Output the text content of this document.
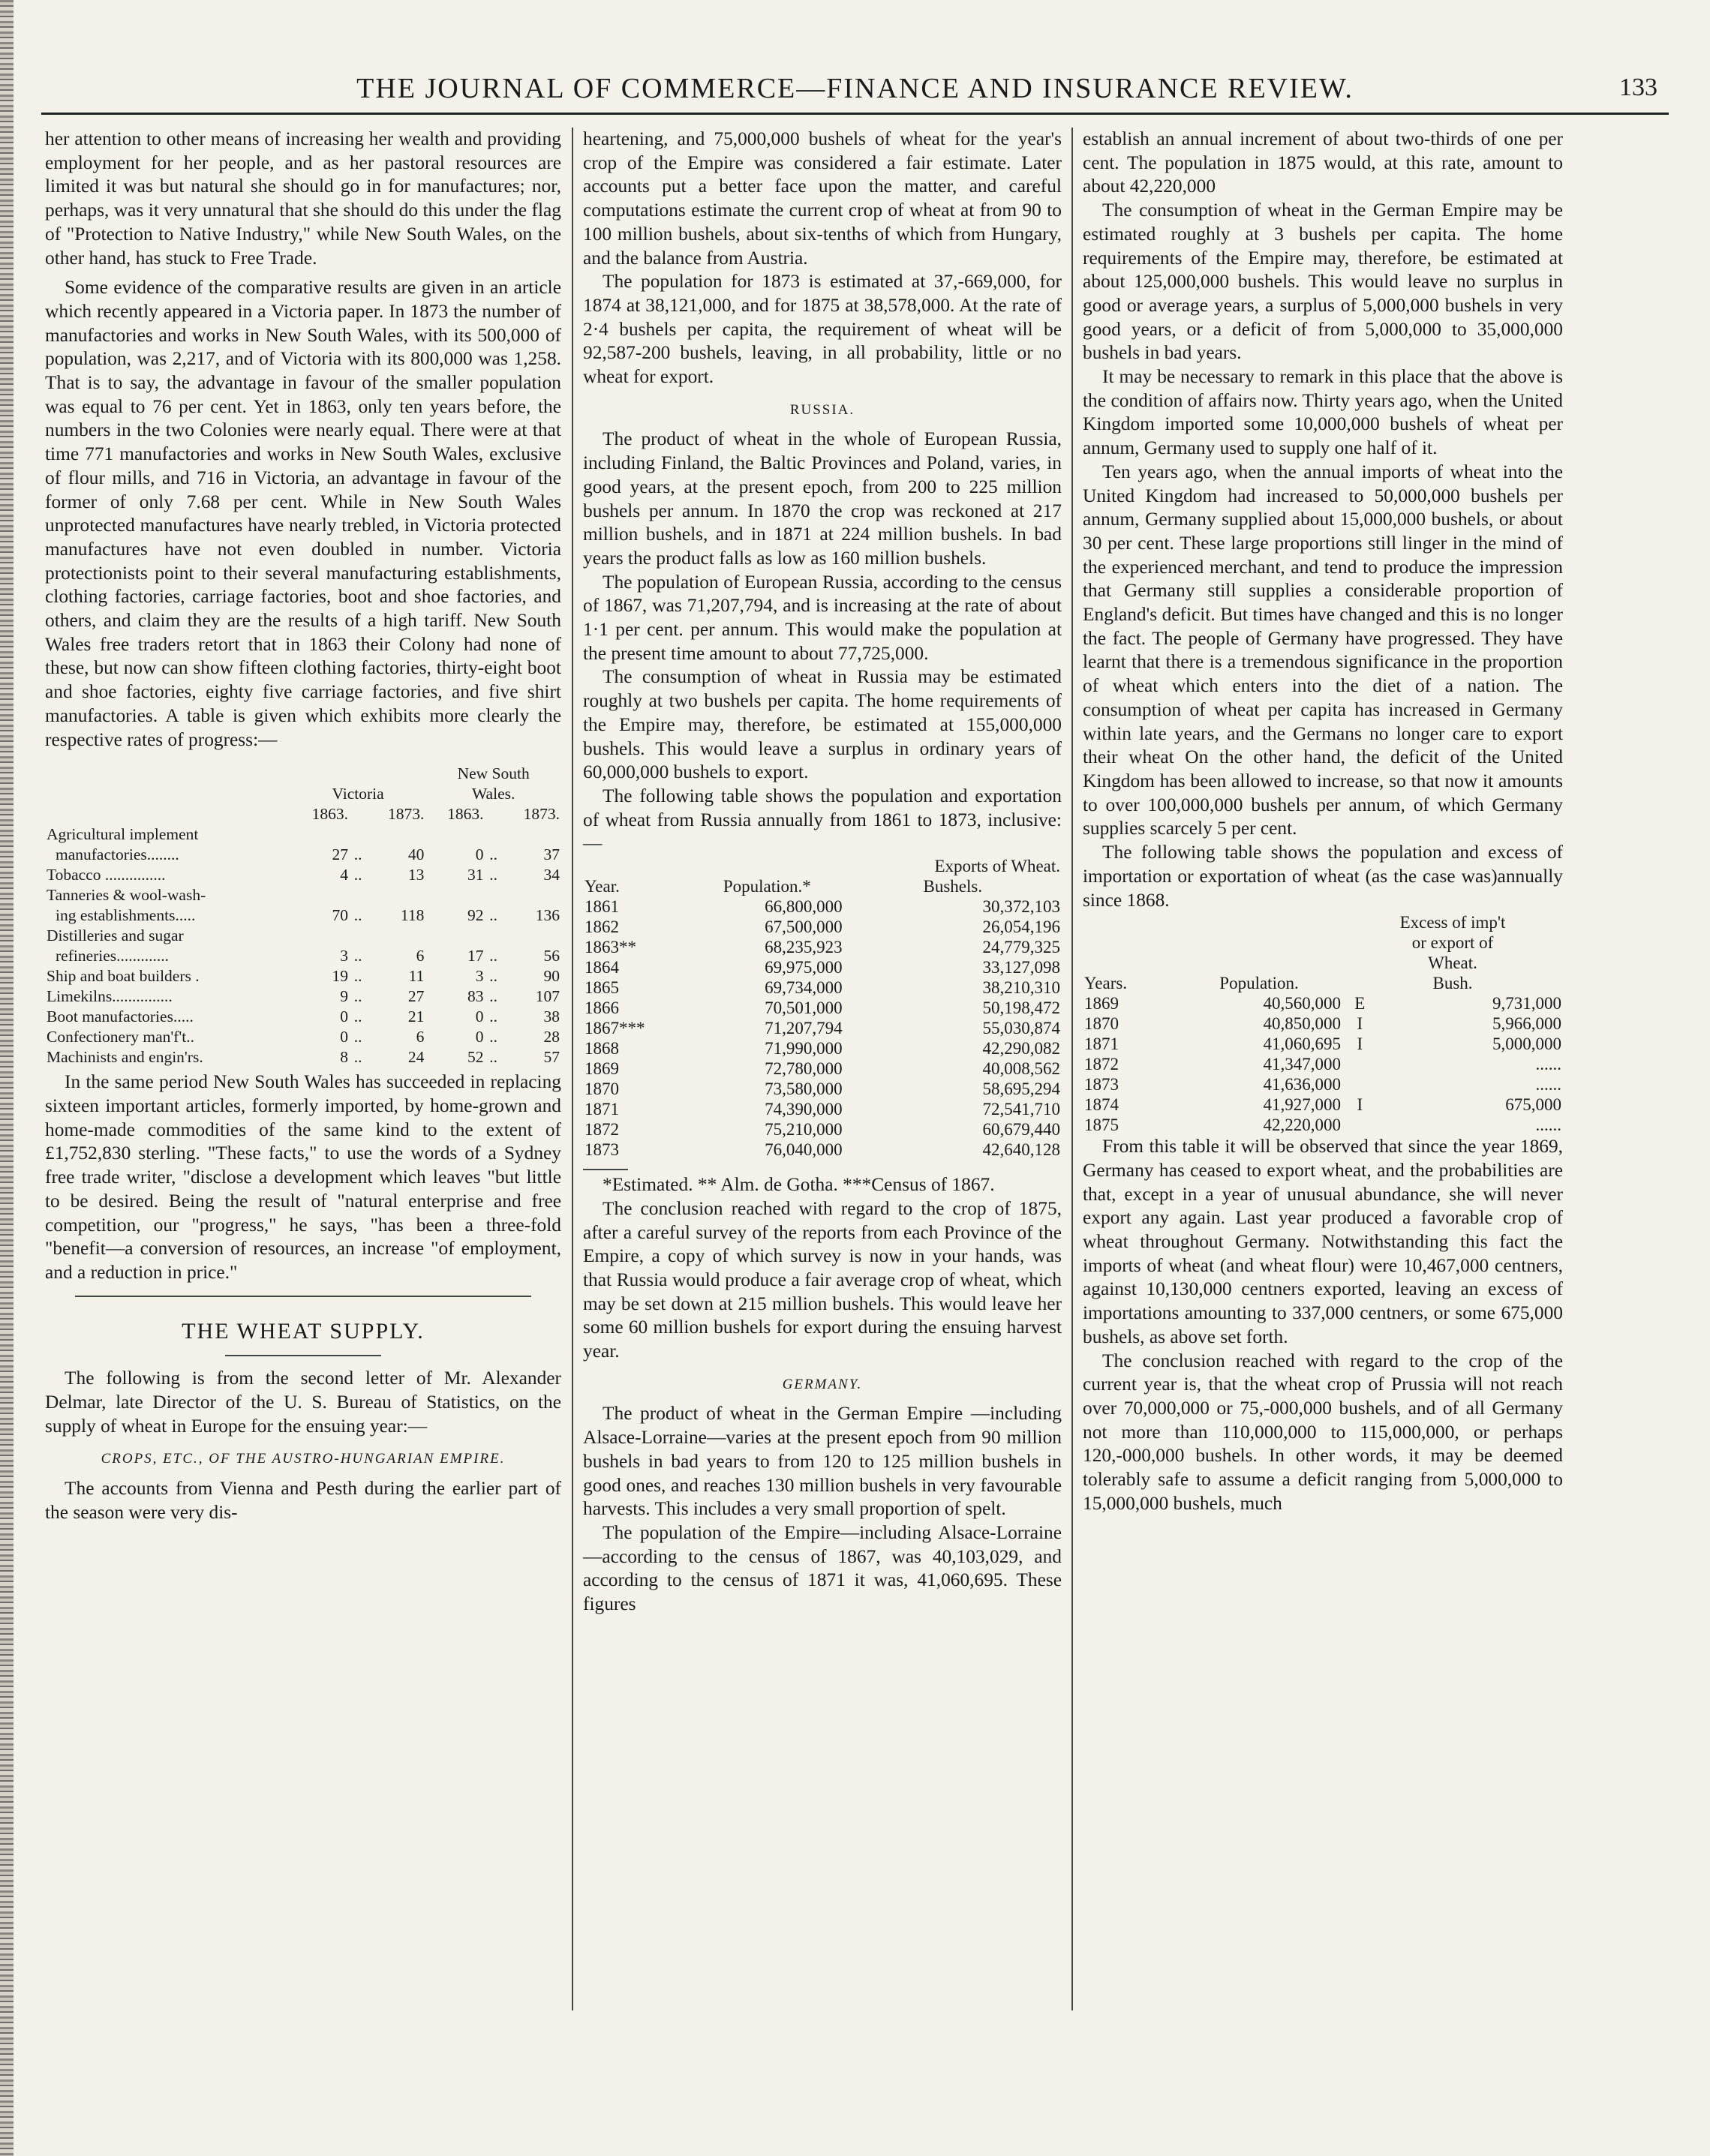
THE JOURNAL OF COMMERCE—FINANCE AND INSURANCE REVIEW.	133

her attention to other means of increasing her wealth and providing employment for her people, and as her pastoral resources are limited it was but natural she should go in for manufactures; nor, perhaps, was it very unnatural that she should do this under the flag of "Protection to Native Industry," while New South Wales, on the other hand, has stuck to Free Trade.

Some evidence of the comparative results are given in an article which recently appeared in a Victoria paper. In 1873 the number of manufactories and works in New South Wales, with its 500,000 of population, was 2,217, and of Victoria with its 800,000 was 1,258. That is to say, the advantage in favour of the smaller population was equal to 76 per cent. Yet in 1863, only ten years before, the numbers in the two Colonies were nearly equal. There were at that time 771 manufactories and works in New South Wales, exclusive of flour mills, and 716 in Victoria, an advantage in favour of the former of only 7.68 per cent. While in New South Wales unprotected manufactures have nearly trebled, in Victoria protected manufactures have not even doubled in number. Victoria protectionists point to their several manufacturing establishments, clothing factories, carriage factories, boot and shoe factories, and others, and claim they are the results of a high tariff. New South Wales free traders retort that in 1863 their Colony had none of these, but now can show fifteen clothing factories, thirty-eight boot and shoe factories, eighty five carriage factories, and five shirt manufactories. A table is given which exhibits more clearly the respective rates of progress:—

				New South		
	Victoria			Wales.		
	1863.		1873.	1863.		1873.
Agricultural implement						
manufactories........	27	..	40	0	..	37
Tobacco ...............	4	..	13	31	..	34
Tanneries & wool-wash-						
ing establishments.....	70	..	118	92	..	136
Distilleries and sugar						
refineries.............	3	..	6	17	..	56
Ship and boat builders .	19	..	11	3	..	90
Limekilns...............	9	..	27	83	..	107
Boot manufactories.....	0	..	21	0	..	38
Confectionery man'f't..	0	..	6	0	..	28
Machinists and engin'rs.	8	..	24	52	..	57

In the same period New South Wales has succeeded in replacing sixteen important articles, formerly imported, by home-grown and home-made commodities of the same kind to the extent of £1,752,830 sterling. "These facts," to use the words of a Sydney free trade writer, "disclose a development which leaves "but little to be desired. Being the result of "natural enterprise and free competition, our "progress," he says, "has been a three-fold "benefit—a conversion of resources, an increase "of employment, and a reduction in price."

THE WHEAT SUPPLY.

The following is from the second letter of Mr. Alexander Delmar, late Director of the U. S. Bureau of Statistics, on the supply of wheat in Europe for the ensuing year:—

CROPS, ETC., OF THE AUSTRO-HUNGARIAN EMPIRE.

The accounts from Vienna and Pesth during the earlier part of the season were very dis-

heartening, and 75,000,000 bushels of wheat for the year's crop of the Empire was considered a fair estimate. Later accounts put a better face upon the matter, and careful computations estimate the current crop of wheat at from 90 to 100 million bushels, about six-tenths of which from Hungary, and the balance from Austria.

The population for 1873 is estimated at 37,-669,000, for 1874 at 38,121,000, and for 1875 at 38,578,000. At the rate of 2·4 bushels per capita, the requirement of wheat will be 92,587-200 bushels, leaving, in all probability, little or no wheat for export.

RUSSIA.

The product of wheat in the whole of European Russia, including Finland, the Baltic Provinces and Poland, varies, in good years, at the present epoch, from 200 to 225 million bushels per annum. In 1870 the crop was reckoned at 217 million bushels, and in 1871 at 224 million bushels. In bad years the product falls as low as 160 million bushels.

The population of European Russia, according to the census of 1867, was 71,207,794, and is increasing at the rate of about 1·1 per cent. per annum. This would make the population at the present time amount to about 77,725,000.

The consumption of wheat in Russia may be estimated roughly at two bushels per capita. The home requirements of the Empire may, therefore, be estimated at 155,000,000 bushels. This would leave a surplus in ordinary years of 60,000,000 bushels to export.

The following table shows the population and exportation of wheat from Russia annually from 1861 to 1873, inclusive:—

		Exports of Wheat.
Year.	Population.*	Bushels.
1861	66,800,000	30,372,103
1862	67,500,000	26,054,196
1863**	68,235,923	24,779,325
1864	69,975,000	33,127,098
1865	69,734,000	38,210,310
1866	70,501,000	50,198,472
1867***	71,207,794	55,030,874
1868	71,990,000	42,290,082
1869	72,780,000	40,008,562
1870	73,580,000	58,695,294
1871	74,390,000	72,541,710
1872	75,210,000	60,679,440
1873	76,040,000	42,640,128

*Estimated. ** Alm. de Gotha. ***Census of 1867.

The conclusion reached with regard to the crop of 1875, after a careful survey of the reports from each Province of the Empire, a copy of which survey is now in your hands, was that Russia would produce a fair average crop of wheat, which may be set down at 215 million bushels. This would leave her some 60 million bushels for export during the ensuing harvest year.

GERMANY.

The product of wheat in the German Empire —including Alsace-Lorraine—varies at the present epoch from 90 million bushels in bad years to from 120 to 125 million bushels in good ones, and reaches 130 million bushels in very favourable harvests. This includes a very small proportion of spelt.

The population of the Empire—including Alsace-Lorraine—according to the census of 1867, was 40,103,029, and according to the census of 1871 it was, 41,060,695. These figures

establish an annual increment of about two-thirds of one per cent. The population in 1875 would, at this rate, amount to about 42,220,000

The consumption of wheat in the German Empire may be estimated roughly at 3 bushels per capita. The home requirements of the Empire may, therefore, be estimated at about 125,000,000 bushels. This would leave no surplus in good or average years, a surplus of 5,000,000 bushels in very good years, or a deficit of from 5,000,000 to 35,000,000 bushels in bad years.

It may be necessary to remark in this place that the above is the condition of affairs now. Thirty years ago, when the United Kingdom imported some 10,000,000 bushels of wheat per annum, Germany used to supply one half of it.

Ten years ago, when the annual imports of wheat into the United Kingdom had increased to 50,000,000 bushels per annum, Germany supplied about 15,000,000 bushels, or about 30 per cent. These large proportions still linger in the mind of the experienced merchant, and tend to produce the impression that Germany still supplies a considerable proportion of England's deficit. But times have changed and this is no longer the fact. The people of Germany have progressed. They have learnt that there is a tremendous significance in the proportion of wheat which enters into the diet of a nation. The consumption of wheat per capita has increased in Germany within late years, and the Germans no longer care to export their wheat On the other hand, the deficit of the United Kingdom has been allowed to increase, so that now it amounts to over 100,000,000 bushels per annum, of which Germany supplies scarcely 5 per cent.

The following table shows the population and excess of importation or exportation of wheat (as the case was)annually since 1868.

		Excess of imp't	
		or export of	
		Wheat.	
Years.	Population.	Bush.	
1869	40,560,000	E	9,731,000
1870	40,850,000	I	5,966,000
1871	41,060,695	I	5,000,000
1872	41,347,000		......
1873	41,636,000		......
1874	41,927,000	I	675,000
1875	42,220,000		......

From this table it will be observed that since the year 1869, Germany has ceased to export wheat, and the probabilities are that, except in a year of unusual abundance, she will never export any again. Last year produced a favorable crop of wheat throughout Germany. Notwithstanding this fact the imports of wheat (and wheat flour) were 10,467,000 centners, against 10,130,000 centners exported, leaving an excess of importations amounting to 337,000 centners, or some 675,000 bushels, as above set forth.

The conclusion reached with regard to the crop of the current year is, that the wheat crop of Prussia will not reach over 70,000,000 or 75,-000,000 bushels, and of all Germany not more than 110,000,000 to 115,000,000, or perhaps 120,-000,000 bushels. In other words, it may be deemed tolerably safe to assume a deficit ranging from 5,000,000 to 15,000,000 bushels, much
